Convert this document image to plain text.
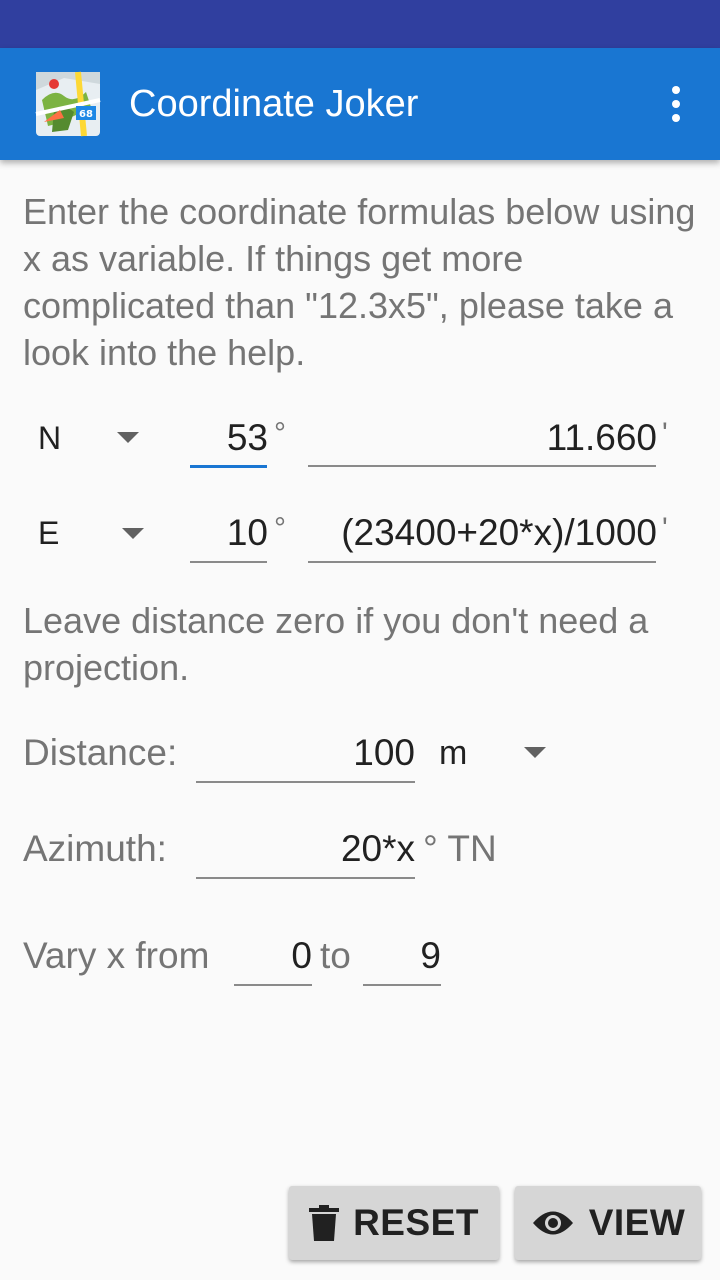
68 Coordinate Joker

Enter the coordinate formulas below using x as variable. If things get more complicated than "12.3x5", please take a look into the help.

N	53 °	11.660 '
E	10 °	(23400+20*x)/1000 '

Leave distance zero if you don't need a projection.

Distance:	100 m
Azimuth:	20*x ° TN
Vary x from	0 to	9
RESET	VIEW
